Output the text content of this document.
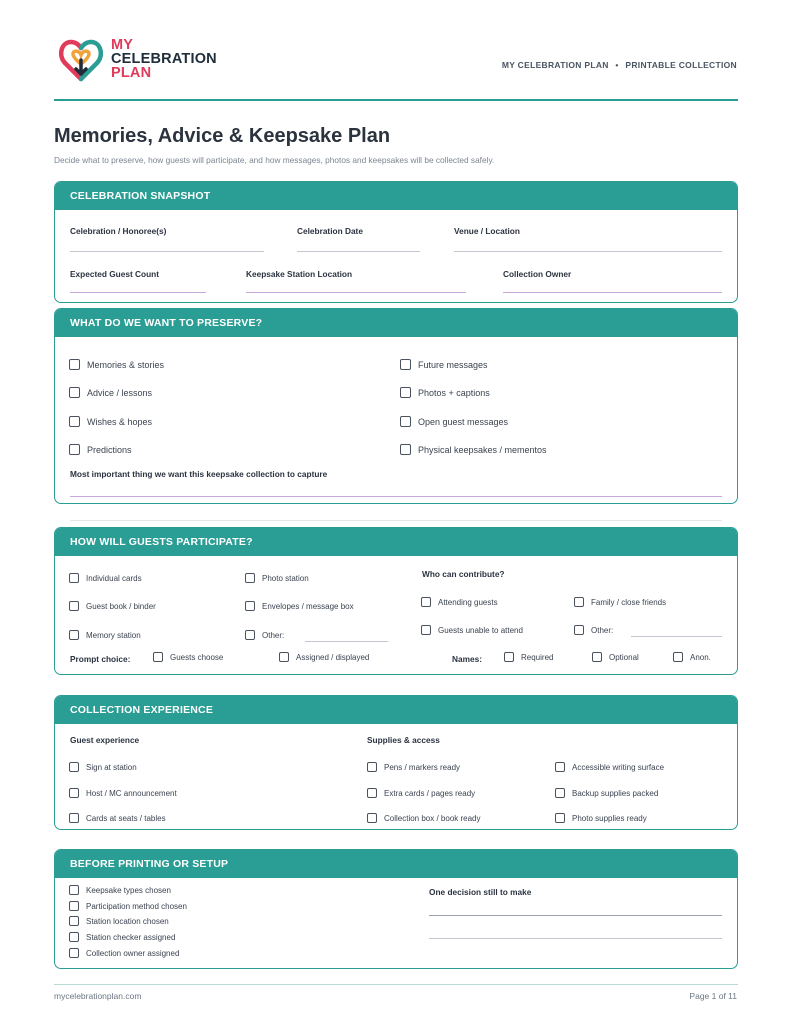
MY
CELEBRATION
PLAN	MY CELEBRATION PLAN • PRINTABLE COLLECTION
Memories, Advice & Keepsake Plan
Decide what to preserve, how guests will participate, and how messages, photos and keepsakes will be collected safely.
CELEBRATION SNAPSHOT
Celebration / Honoree(s)	Celebration Date	Venue / Location
Expected Guest Count	Keepsake Station Location	Collection Owner
WHAT DO WE WANT TO PRESERVE?
Memories & stories
Advice / lessons
Wishes & hopes
Predictions
Future messages
Photos + captions
Open guest messages
Physical keepsakes / mementos
Most important thing we want this keepsake collection to capture
HOW WILL GUESTS PARTICIPATE?
Individual cards
Guest book / binder
Memory station
Photo station
Envelopes / message box
Other:
Who can contribute?
Attending guests
Guests unable to attend
Family / close friends
Other:
Prompt choice:	Guests choose	Assigned / displayed	Names:	Required	Optional	Anon.
COLLECTION EXPERIENCE
Guest experience
Sign at station
Host / MC announcement
Cards at seats / tables
Supplies & access
Pens / markers ready
Extra cards / pages ready
Collection box / book ready
Accessible writing surface
Backup supplies packed
Photo supplies ready
BEFORE PRINTING OR SETUP
Keepsake types chosen
Participation method chosen
Station location chosen
Station checker assigned
Collection owner assigned
One decision still to make
mycelebrationplan.com	Page 1 of 11
